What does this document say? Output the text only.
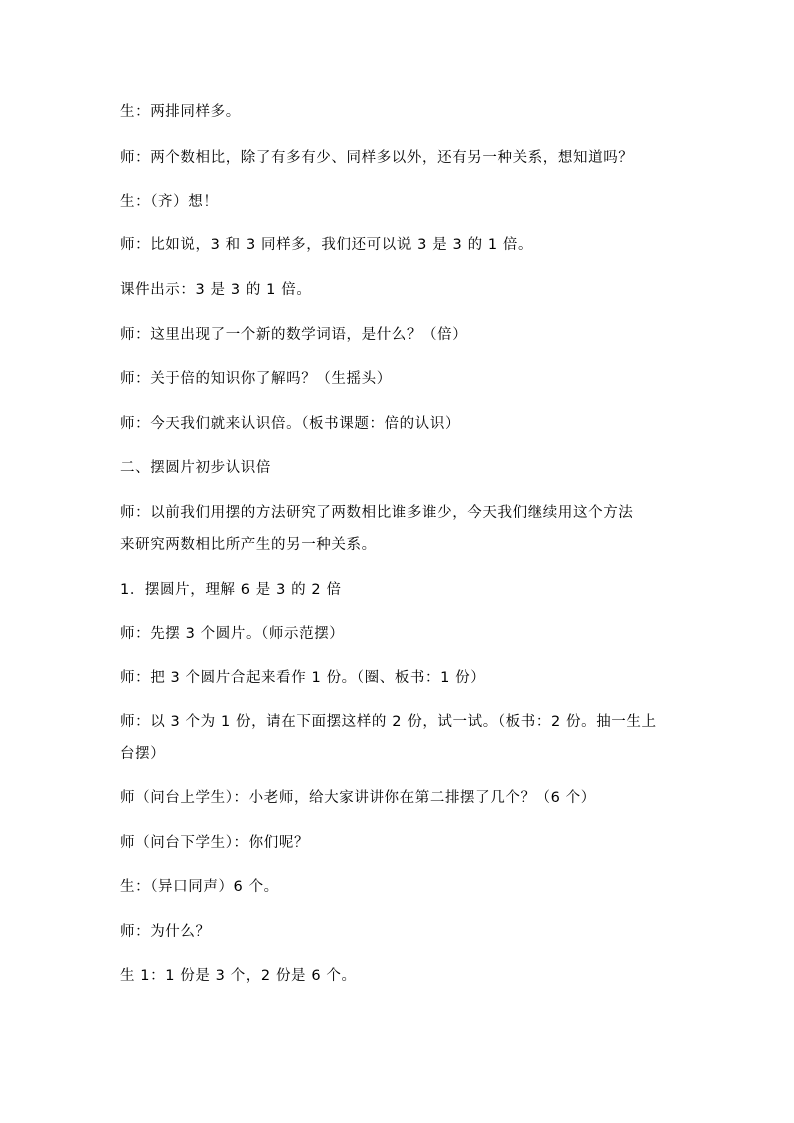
生：两排同样多。
师：两个数相比，除了有多有少、同样多以外，还有另一种关系，想知道吗？
生：（齐）想！
师：比如说，3 和 3 同样多，我们还可以说 3 是 3 的 1 倍。
课件出示：3 是 3 的 1 倍。
师：这里出现了一个新的数学词语，是什么？（倍）
师：关于倍的知识你了解吗？（生摇头）
师：今天我们就来认识倍。（板书课题：倍的认识）
二、摆圆片初步认识倍
师：以前我们用摆的方法研究了两数相比谁多谁少，今天我们继续用这个方法
来研究两数相比所产生的另一种关系。
1．摆圆片，理解 6 是 3 的 2 倍
师：先摆 3 个圆片。（师示范摆）
师：把 3 个圆片合起来看作 1 份。（圈、板书：1 份）
师：以 3 个为 1 份，请在下面摆这样的 2 份，试一试。（板书：2 份。抽一生上
台摆）
师（问台上学生）：小老师，给大家讲讲你在第二排摆了几个？（6 个）
师（问台下学生）：你们呢？
生：（异口同声）6 个。
师：为什么？
生 1：1 份是 3 个，2 份是 6 个。
